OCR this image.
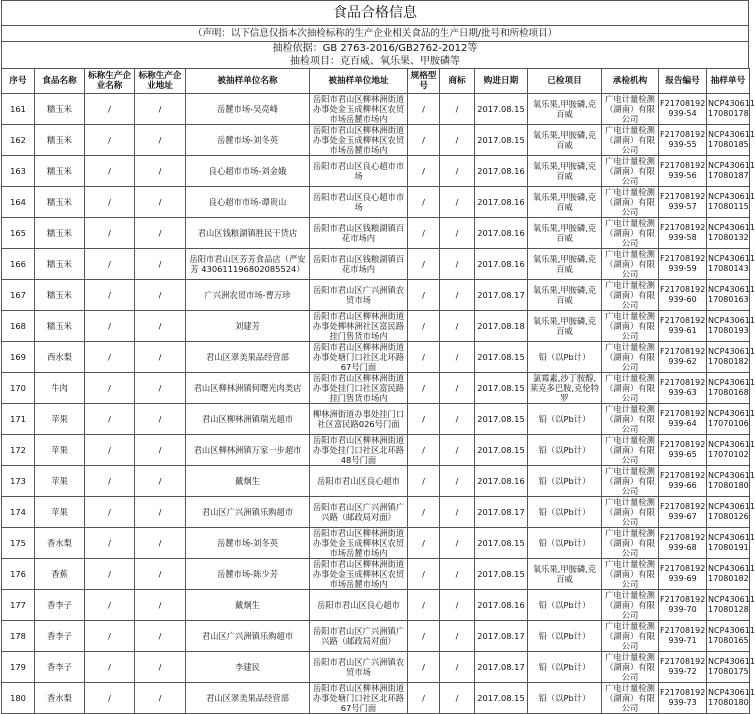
食品合格信息
（声明：以下信息仅指本次抽检标称的生产企业相关食品的生产日期/批号和所检项目）
抽检依据：GB 2763-2016/GB2762-2012等
抽检项目：克百威、氧乐果、甲胺磷等
序号	食品名称	标称生产企业名称	标称生产企业地址	被抽样单位名称	被抽样单位地址	规格型号	商标	购进日期	已检项目	承检机构	报告编号	抽样单号
161	糯玉米	/	/	岳麓市场-吴亮峰	岳阳市君山区柳林洲街道办事处金玉成柳林区农贸市场岳麓市场内	/	/	2017.08.15	氧乐果,甲胺磷,克百威	广电计量检测（湖南）有限公司	F21708192 939-54	NCP430611 17080178
162	糯玉米	/	/	岳麓市场-刘冬英	岳阳市君山区柳林洲街道办事处金玉成柳林区农贸市场岳麓市场内	/	/	2017.08.15	氧乐果,甲胺磷,克百威	广电计量检测（湖南）有限公司	F21708192 939-55	NCP430611 17080185
163	糯玉米	/	/	良心超市市场-刘金娥	岳阳市君山区良心超市市场	/	/	2017.08.16	氧乐果,甲胺磷,克百威	广电计量检测（湖南）有限公司	F21708192 939-56	NCP430611 17080187
164	糯玉米	/	/	良心超市市场-谭贵山	岳阳市君山区良心超市市场	/	/	2017.08.16	氧乐果,甲胺磷,克百威	广电计量检测（湖南）有限公司	F21708192 939-57	NCP430611 17080115
165	糯玉米	/	/	君山区钱粮湖镇胜民干货店	岳阳市君山区钱粮湖镇百花市场内	/	/	2017.08.16	氧乐果,甲胺磷,克百威	广电计量检测（湖南）有限公司	F21708192 939-58	NCP430611 17080132
166	糯玉米	/	/	岳阳市君山区芳芳食品店（严安芳 430611196802085524）	岳阳市君山区钱粮湖镇百花市场内	/	/	2017.08.16	氧乐果,甲胺磷,克百威	广电计量检测（湖南）有限公司	F21708192 939-59	NCP430611 17080143
167	糯玉米	/	/	广兴洲农贸市场-曹万珍	岳阳市君山区广兴洲镇农贸市场	/	/	2017.08.17	氧乐果,甲胺磷,克百威	广电计量检测（湖南）有限公司	F21708192 939-60	NCP430611 17080163
168	糯玉米	/	/	刘建芳	岳阳市君山区柳林洲街道办事处柳林洲社区富民路挂门售货市场内	/	/	2017.08.18	氧乐果,甲胺磷,克百威	广电计量检测（湖南）有限公司	F21708192 939-61	NCP430611 17080193
169	西水梨	/	/	君山区翠美果品经营部	岳阳市君山区柳林洲街道办事处塘门口社区北环路67号门面	/	/	2017.08.15	铅（以Pb计）	广电计量检测（湖南）有限公司	F21708192 939-62	NCP430611 17080182
170	牛肉	/	/	君山区柳林洲镇何曙光肉类店	岳阳市君山区柳林洲街道办事处挂门口社区富民路挂门售货市场内	/	/	2017.08.15	氯霉素,沙丁胺醇,莱克多巴胺,克伦特罗	广电计量检测（湖南）有限公司	F21708192 939-63	NCP430611 17080168
171	苹果	/	/	君山区柳林洲镇瑞光超市	柳林洲街道办事处挂门口社区富民路026号门面	/	/	2017.08.15	铅（以Pb计）	广电计量检测（湖南）有限公司	F21708192 939-64	NCP430611 17070106
172	苹果	/	/	君山区柳林洲镇万家一步超市	岳阳市君山区柳林洲街道办事处挂门口社区北环路48号门面	/	/	2017.08.15	铅（以Pb计）	广电计量检测（湖南）有限公司	F21708192 939-65	NCP430611 17070102
173	苹果	/	/	戴炯生	岳阳市君山区良心超市	/	/	2017.08.16	铅（以Pb计）	广电计量检测（湖南）有限公司	F21708192 939-66	NCP430611 17080180
174	苹果	/	/	君山区广兴洲镇乐购超市	岳阳市君山区广兴洲镇广兴路（邮政局对面）	/	/	2017.08.17	铅（以Pb计）	广电计量检测（湖南）有限公司	F21708192 939-67	NCP430611 17080126
175	香水梨	/	/	岳麓市场-刘冬英	岳阳市君山区柳林洲街道办事处金玉成柳林区农贸市场岳麓市场内	/	/	2017.08.15	铅（以Pb计）	广电计量检测（湖南）有限公司	F21708192 939-68	NCP430611 17080191
176	香蕉	/	/	岳麓市场-陈少芳	岳阳市君山区柳林洲街道办事处金玉成柳林区农贸市场岳麓市场内	/	/	2017.08.15	氧乐果,甲胺磷,克百威	广电计量检测（湖南）有限公司	F21708192 939-69	NCP430611 17080182
177	香李子	/	/	戴炯生	岳阳市君山区良心超市	/	/	2017.08.16	铅（以Pb计）	广电计量检测（湖南）有限公司	F21708192 939-70	NCP430611 17080128
178	香李子	/	/	君山区广兴洲镇乐购超市	岳阳市君山区广兴洲镇广兴路（邮政局对面）	/	/	2017.08.17	铅（以Pb计）	广电计量检测（湖南）有限公司	F21708192 939-71	NCP430611 17080165
179	香李子	/	/	李建民	岳阳市君山区广兴洲镇农贸市场	/	/	2017.08.17	铅（以Pb计）	广电计量检测（湖南）有限公司	F21708192 939-72	NCP430611 17080175
180	香水梨	/	/	君山区翠美果品经营部	岳阳市君山区柳林洲街道办事处塘门口社区北环路67号门面	/	/	2017.08.15	铅（以Pb计）	广电计量检测（湖南）有限公司	F21708192 939-73	NCP430611 17080180
